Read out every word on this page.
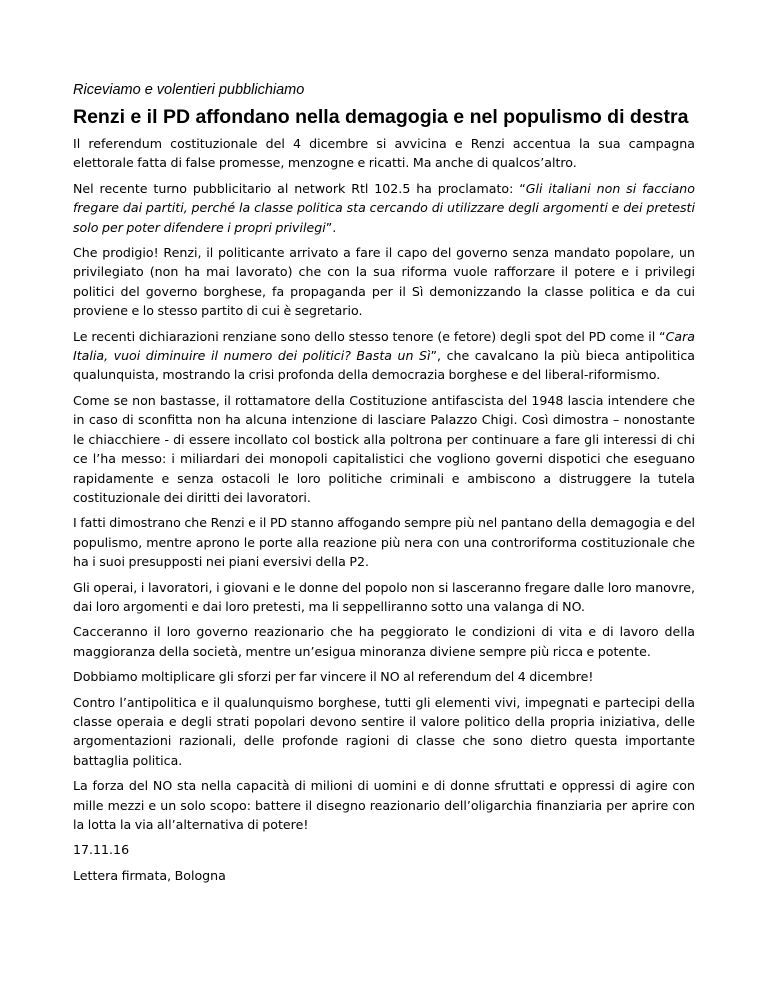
Riceviamo e volentieri pubblichiamo

Renzi e il PD affondano nella demagogia e nel populismo di destra

Il referendum costituzionale del 4 dicembre si avvicina e Renzi accentua la sua campagna elettorale fatta di false promesse, menzogne e ricatti. Ma anche di qualcos’altro.

Nel recente turno pubblicitario al network Rtl 102.5 ha proclamato: “Gli italiani non si facciano fregare dai partiti, perché la classe politica sta cercando di utilizzare degli argomenti e dei pretesti solo per poter difendere i propri privilegi”.

Che prodigio! Renzi, il politicante arrivato a fare il capo del governo senza mandato popolare, un privilegiato (non ha mai lavorato) che con la sua riforma vuole rafforzare il potere e i privilegi politici del governo borghese, fa propaganda per il Sì demonizzando la classe politica e da cui proviene e lo stesso partito di cui è segretario.

Le recenti dichiarazioni renziane sono dello stesso tenore (e fetore) degli spot del PD come il “Cara Italia, vuoi diminuire il numero dei politici? Basta un Sì”, che cavalcano la più bieca antipolitica qualunquista, mostrando la crisi profonda della democrazia borghese e del liberal-riformismo.

Come se non bastasse, il rottamatore della Costituzione antifascista del 1948 lascia intendere che in caso di sconfitta non ha alcuna intenzione di lasciare Palazzo Chigi. Così dimostra – nonostante le chiacchiere - di essere incollato col bostick alla poltrona per continuare a fare gli interessi di chi ce l’ha messo: i miliardari dei monopoli capitalistici che vogliono governi dispotici che eseguano rapidamente e senza ostacoli le loro politiche criminali e ambiscono a distruggere la tutela costituzionale dei diritti dei lavoratori.

I fatti dimostrano che Renzi e il PD stanno affogando sempre più nel pantano della demagogia e del populismo, mentre aprono le porte alla reazione più nera con una controriforma costituzionale che ha i suoi presupposti nei piani eversivi della P2.

Gli operai, i lavoratori, i giovani e le donne del popolo non si lasceranno fregare dalle loro manovre, dai loro argomenti e dai loro pretesti, ma li seppelliranno sotto una valanga di NO.

Cacceranno il loro governo reazionario che ha peggiorato le condizioni di vita e di lavoro della maggioranza della società, mentre un’esigua minoranza diviene sempre più ricca e potente.

Dobbiamo moltiplicare gli sforzi per far vincere il NO al referendum del 4 dicembre!

Contro l’antipolitica e il qualunquismo borghese, tutti gli elementi vivi, impegnati e partecipi della classe operaia e degli strati popolari devono sentire il valore politico della propria iniziativa, delle argomentazioni razionali, delle profonde ragioni di classe che sono dietro questa importante battaglia politica.

La forza del NO sta nella capacità di milioni di uomini e di donne sfruttati e oppressi di agire con mille mezzi e un solo scopo: battere il disegno reazionario dell’oligarchia finanziaria per aprire con la lotta la via all’alternativa di potere!

17.11.16

Lettera firmata, Bologna
